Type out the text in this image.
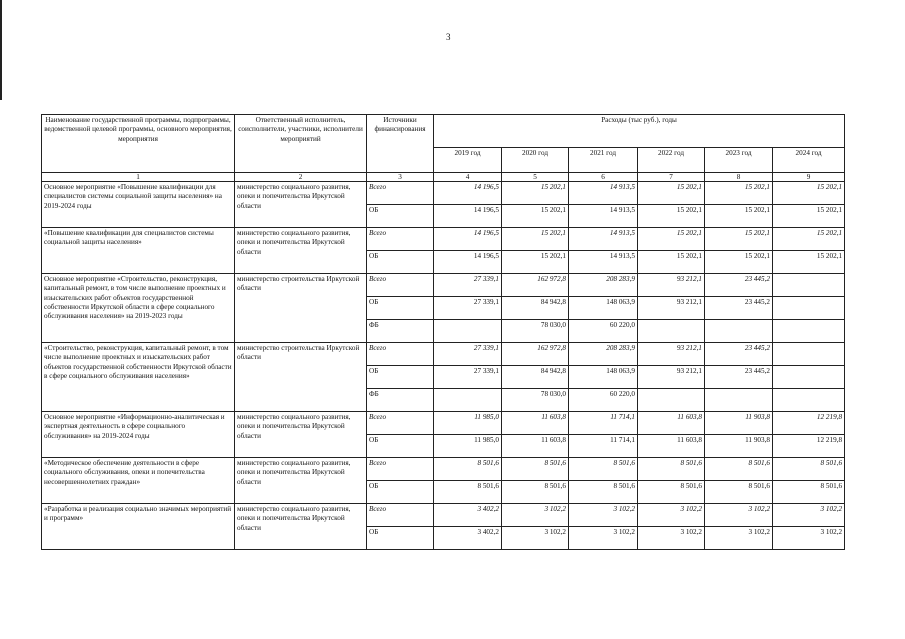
3
Наименование государственной программы, подпрограммы, ведомственной целевой программы, основного мероприятия, мероприятия	Ответственный исполнитель, соисполнители, участники, исполнители мероприятий	Источники финансирования	Расходы (тыс руб.), годы					
			2019 год	2020 год	2021 год	2022 год	2023 год	2024 год
1	2	3	4	5	6	7	8	9
Основное мероприятие «Повышение квалификации для специалистов системы социальной защиты населения» на 2019-2024 годы	министерство социального развития, опеки и попечительства Иркутской области	Всего	14 196,5	15 202,1	14 913,5	15 202,1	15 202,1	15 202,1
		ОБ	14 196,5	15 202,1	14 913,5	15 202,1	15 202,1	15 202,1
«Повышение квалификации для специалистов системы социальной защиты населения»	министерство социального развития, опеки и попечительства Иркутской области	Всего	14 196,5	15 202,1	14 913,5	15 202,1	15 202,1	15 202,1
		ОБ	14 196,5	15 202,1	14 913,5	15 202,1	15 202,1	15 202,1
Основное мероприятие «Строительство, реконструкция, капитальный ремонт, в том числе выполнение проектных и изыскательских работ объектов государственной собственности Иркутской области в сфере социального обслуживания населения» на 2019-2023 годы	министерство строительства Иркутской области	Всего	27 339,1	162 972,8	208 283,9	93 212,1	23 445,2	
		ОБ	27 339,1	84 942,8	148 063,9	93 212,1	23 445,2	
		ФБ		78 030,0	60 220,0			
«Строительство, реконструкция, капитальный ремонт, в том числе выполнение проектных и изыскательских работ объектов государственной собственности Иркутской области в сфере социального обслуживания населения»	министерство строительства Иркутской области	Всего	27 339,1	162 972,8	208 283,9	93 212,1	23 445,2	
		ОБ	27 339,1	84 942,8	148 063,9	93 212,1	23 445,2	
		ФБ		78 030,0	60 220,0			
Основное мероприятие «Информационно-аналитическая и экспертная деятельность в сфере социального обслуживания» на 2019-2024 годы	министерство социального развития, опеки и попечительства Иркутской области	Всего	11 985,0	11 603,8	11 714,1	11 603,8	11 903,8	12 219,8
		ОБ	11 985,0	11 603,8	11 714,1	11 603,8	11 903,8	12 219,8
«Методическое обеспечение деятельности в сфере социального обслуживания, опеки и попечительства несовершеннолетних граждан»	министерство социального развития, опеки и попечительства Иркутской области	Всего	8 501,6	8 501,6	8 501,6	8 501,6	8 501,6	8 501,6
		ОБ	8 501,6	8 501,6	8 501,6	8 501,6	8 501,6	8 501,6
«Разработка и реализация социально значимых мероприятий и программ»	министерство социального развития, опеки и попечительства Иркутской области	Всего	3 402,2	3 102,2	3 102,2	3 102,2	3 102,2	3 102,2
		ОБ	3 402,2	3 102,2	3 102,2	3 102,2	3 102,2	3 102,2
